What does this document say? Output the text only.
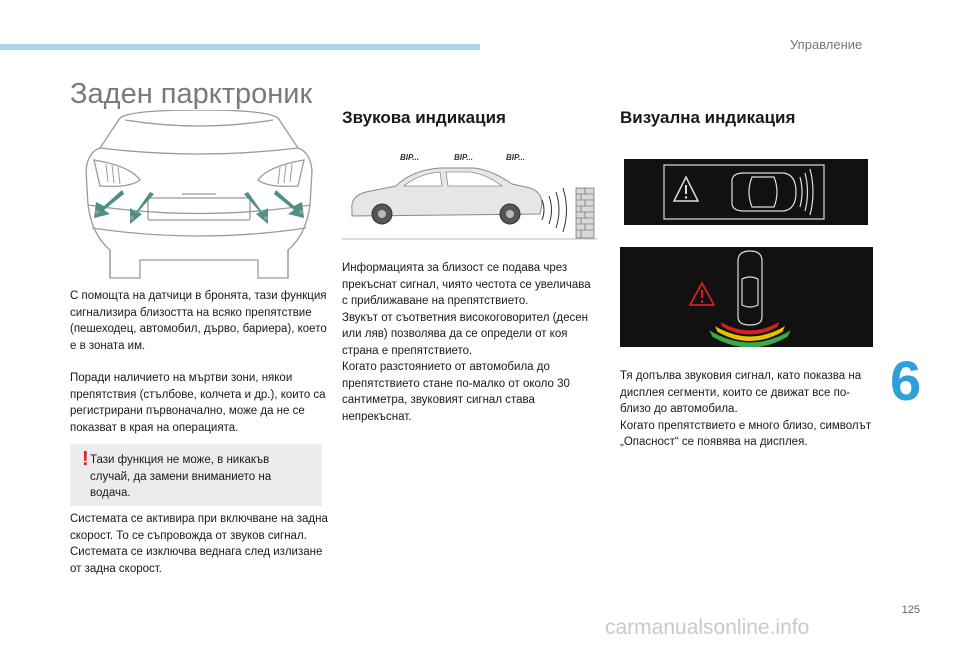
Управление
Заден парктроник

С помощта на датчици в бронята, тази функция сигнализира близостта на всяко препятствие (пешеходец, автомобил, дърво, бариера), което е в зоната им.

Поради наличието на мъртви зони, някои препятствия (стълбове, колчета и др.), които са регистрирани първоначално, може да не се показват в края на операцията.

! Тази функция не може, в никакъв случай, да замени вниманието на водача.

Системата се активира при включване на задна скорост. То се съпровожда от звуков сигнал.
Системата се изключва веднага след излизане от задна скорост.

Звукова индикация
BIP...	BIP...	BIP...

Информацията за близост се подава чрез прекъснат сигнал, чиято честота се увеличава с приближаване на препятствието.
Звукът от съответния високоговорител (десен или ляв) позволява да се определи от коя страна е препятствието.
Когато разстоянието от автомобила до препятствието стане по-малко от около 30 сантиметра, звуковият сигнал става непрекъснат.

Визуална индикация

Тя допълва звуковия сигнал, като показва на дисплея сегменти, които се движат все по-близо до автомобила.
Когато препятствието е много близо, символът „Опасност“ се появява на дисплея.

6
125
carmanualsonline.info
